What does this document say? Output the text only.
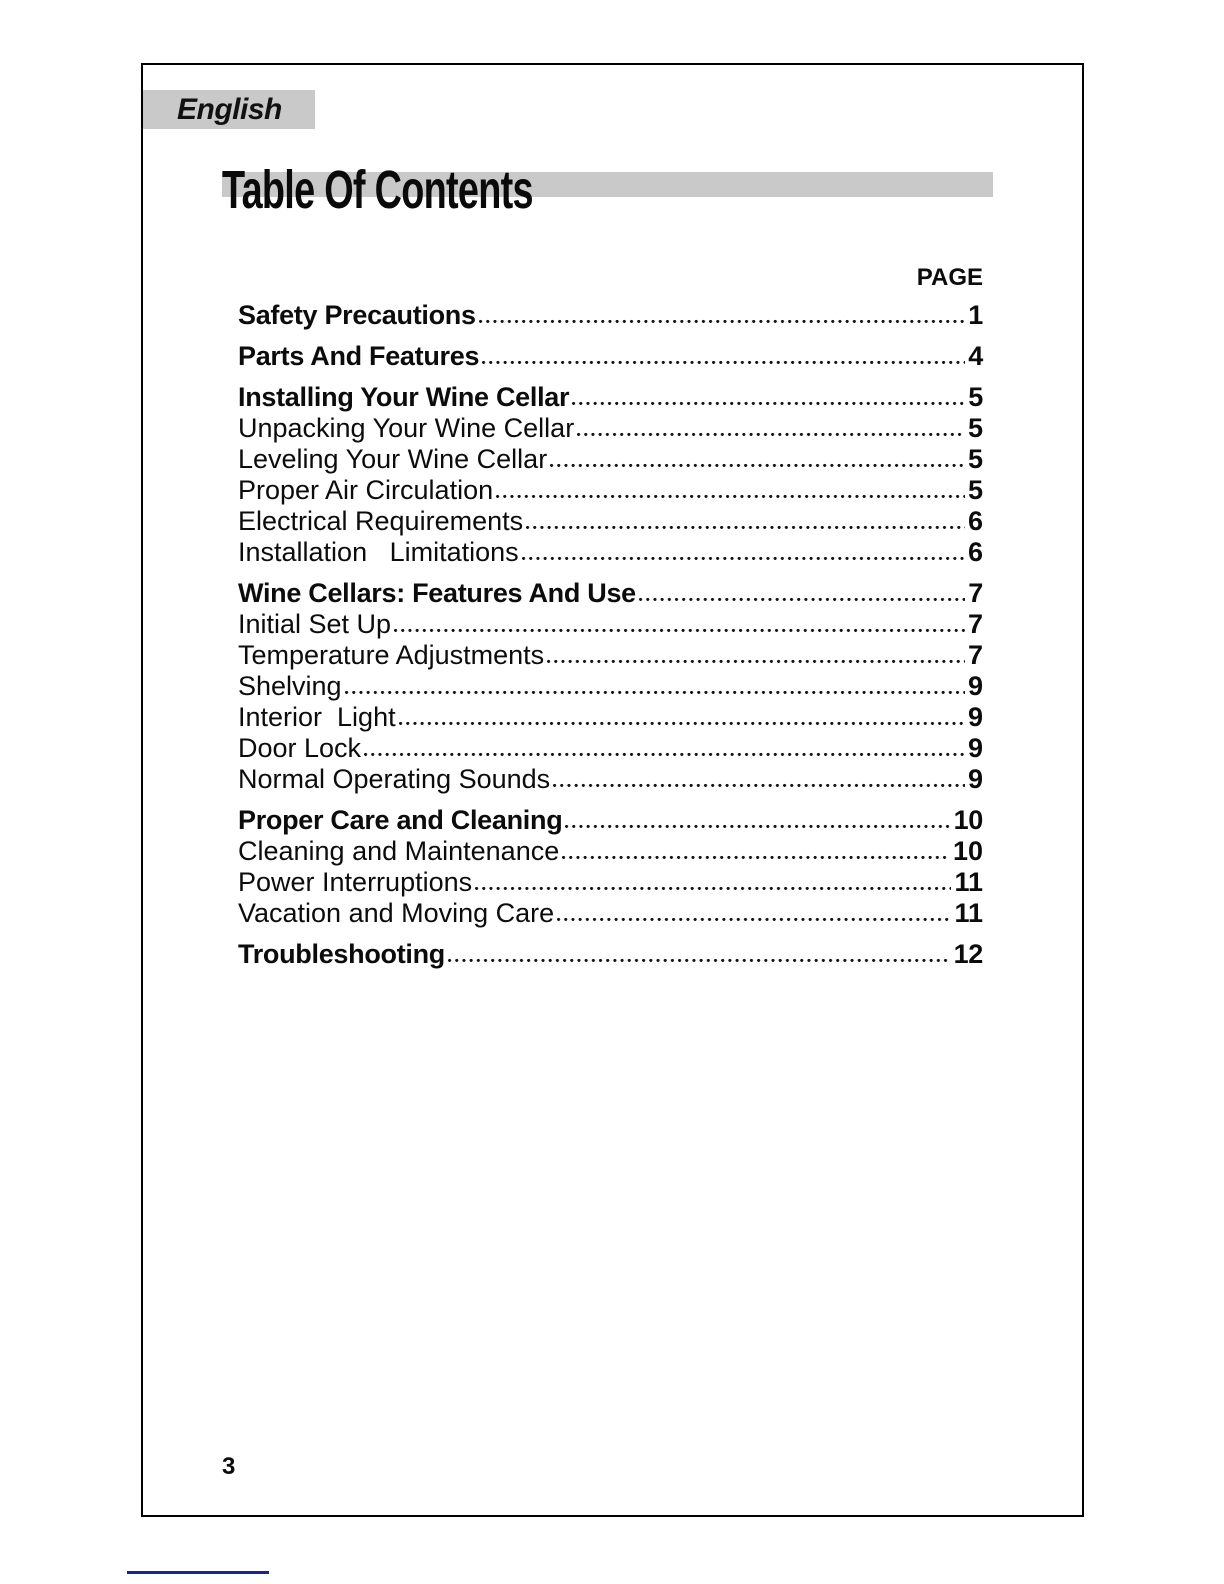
English
Table Of Contents
PAGE
Safety Precautions	1
Parts And Features	4
Installing Your Wine Cellar	5
Unpacking Your Wine Cellar	5
Leveling Your Wine Cellar	5
Proper Air Circulation	5
Electrical Requirements	6
Installation   Limitations	6
Wine Cellars: Features And Use	7
Initial Set Up	7
Temperature Adjustments	7
Shelving	9
Interior  Light	9
Door Lock	9
Normal Operating Sounds	9
Proper Care and Cleaning	10
Cleaning and Maintenance	10
Power Interruptions	11
Vacation and Moving Care	11
Troubleshooting	12
3
